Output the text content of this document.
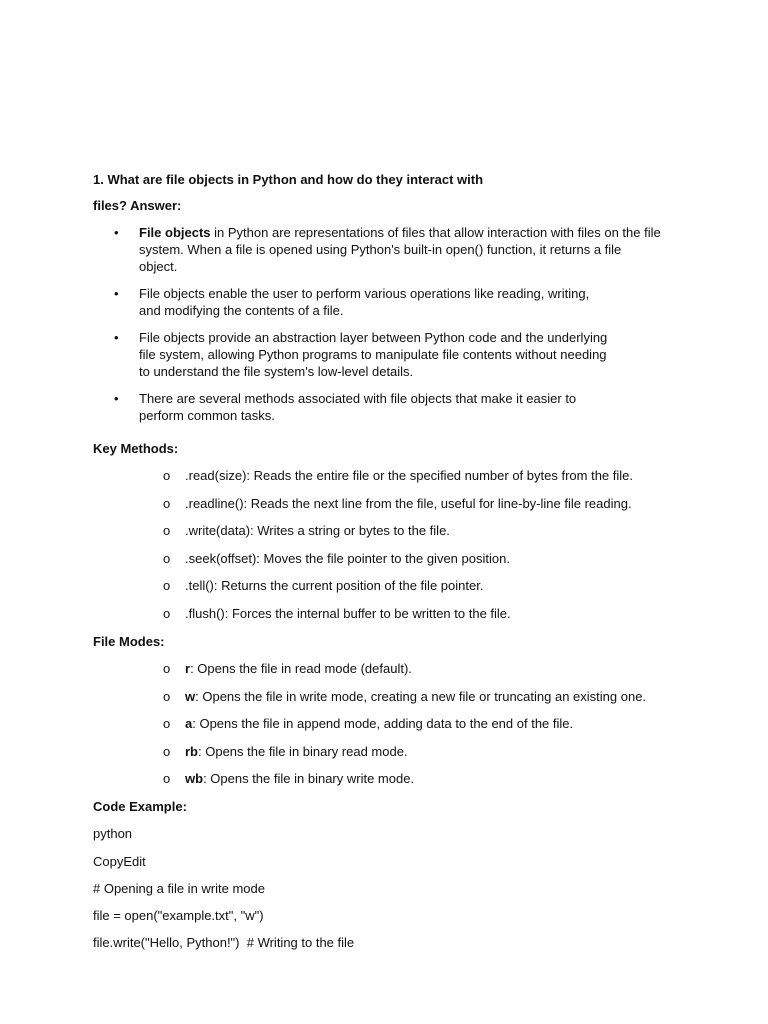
1. What are file objects in Python and how do they interact with

files? Answer:

• File objects in Python are representations of files that allow interaction with files on the file
system. When a file is opened using Python's built-in open() function, it returns a file
object.
• File objects enable the user to perform various operations like reading, writing,
and modifying the contents of a file.
• File objects provide an abstraction layer between Python code and the underlying
file system, allowing Python programs to manipulate file contents without needing
to understand the file system's low-level details.
• There are several methods associated with file objects that make it easier to
perform common tasks.

Key Methods:

o .read(size): Reads the entire file or the specified number of bytes from the file.
o .readline(): Reads the next line from the file, useful for line-by-line file reading.
o .write(data): Writes a string or bytes to the file.
o .seek(offset): Moves the file pointer to the given position.
o .tell(): Returns the current position of the file pointer.
o .flush(): Forces the internal buffer to be written to the file.

File Modes:

o r: Opens the file in read mode (default).
o w: Opens the file in write mode, creating a new file or truncating an existing one.
o a: Opens the file in append mode, adding data to the end of the file.
o rb: Opens the file in binary read mode.
o wb: Opens the file in binary write mode.

Code Example:

python

CopyEdit

# Opening a file in write mode

file = open("example.txt", "w")

file.write("Hello, Python!")  # Writing to the file
